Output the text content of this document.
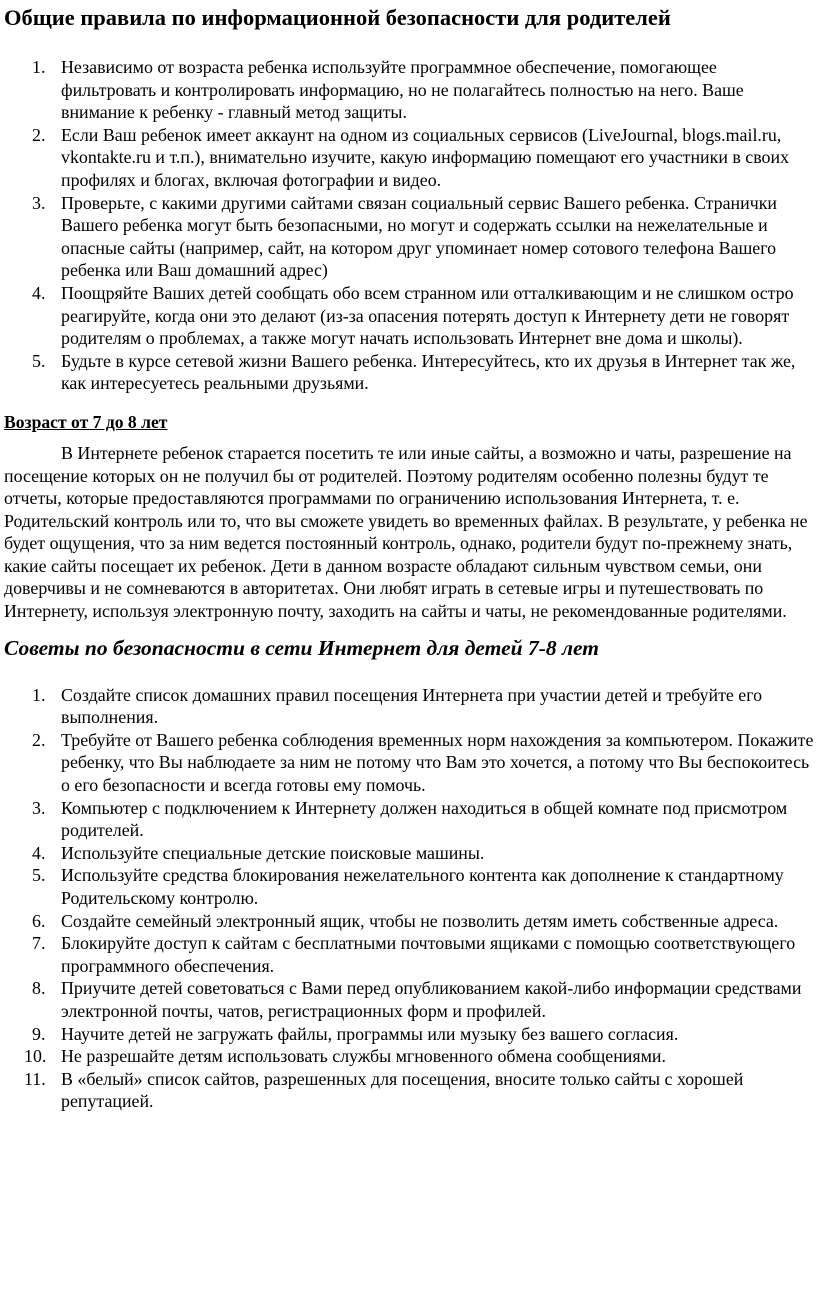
Общие правила по информационной безопасности для родителей
1. Независимо от возраста ребенка используйте программное обеспечение, помогающее фильтровать и контролировать информацию, но не полагайтесь полностью на него. Ваше внимание к ребенку - главный метод защиты.
2. Если Ваш ребенок имеет аккаунт на одном из социальных сервисов (LiveJournal, blogs.mail.ru, vkontakte.ru и т.п.), внимательно изучите, какую информацию помещают его участники в своих профилях и блогах, включая фотографии и видео.
3. Проверьте, с какими другими сайтами связан социальный сервис Вашего ребенка. Странички Вашего ребенка могут быть безопасными, но могут и содержать ссылки на нежелательные и опасные сайты (например, сайт, на котором друг упоминает номер сотового телефона Вашего ребенка или Ваш домашний адрес)
4. Поощряйте Ваших детей сообщать обо всем странном или отталкивающим и не слишком остро реагируйте, когда они это делают (из-за опасения потерять доступ к Интернету дети не говорят родителям о проблемах, а также могут начать использовать Интернет вне дома и школы).
5. Будьте в курсе сетевой жизни Вашего ребенка. Интересуйтесь, кто их друзья в Интернет так же, как интересуетесь реальными друзьями.

Возраст от 7 до 8 лет

В Интернете ребенок старается посетить те или иные сайты, а возможно и чаты, разрешение на посещение которых он не получил бы от родителей. Поэтому родителям особенно полезны будут те отчеты, которые предоставляются программами по ограничению использования Интернета, т. е. Родительский контроль или то, что вы сможете увидеть во временных файлах. В результате, у ребенка не будет ощущения, что за ним ведется постоянный контроль, однако, родители будут по-прежнему знать, какие сайты посещает их ребенок. Дети в данном возрасте обладают сильным чувством семьи, они доверчивы и не сомневаются в авторитетах. Они любят играть в сетевые игры и путешествовать по Интернету, используя электронную почту, заходить на сайты и чаты, не рекомендованные родителями.

Советы по безопасности в сети Интернет для детей 7-8 лет
1. Создайте список домашних правил посещения Интернета при участии детей и требуйте его выполнения.
2. Требуйте от Вашего ребенка соблюдения временных норм нахождения за компьютером. Покажите ребенку, что Вы наблюдаете за ним не потому что Вам это хочется, а потому что Вы беспокоитесь о его безопасности и всегда готовы ему помочь.
3. Компьютер с подключением к Интернету должен находиться в общей комнате под присмотром родителей.
4. Используйте специальные детские поисковые машины.
5. Используйте средства блокирования нежелательного контента как дополнение к стандартному Родительскому контролю.
6. Создайте семейный электронный ящик, чтобы не позволить детям иметь собственные адреса.
7. Блокируйте доступ к сайтам с бесплатными почтовыми ящиками с помощью соответствующего программного обеспечения.
8. Приучите детей советоваться с Вами перед опубликованием какой-либо информации средствами электронной почты, чатов, регистрационных форм и профилей.
9. Научите детей не загружать файлы, программы или музыку без вашего согласия.
10. Не разрешайте детям использовать службы мгновенного обмена сообщениями.
11. В «белый» список сайтов, разрешенных для посещения, вносите только сайты с хорошей репутацией.
